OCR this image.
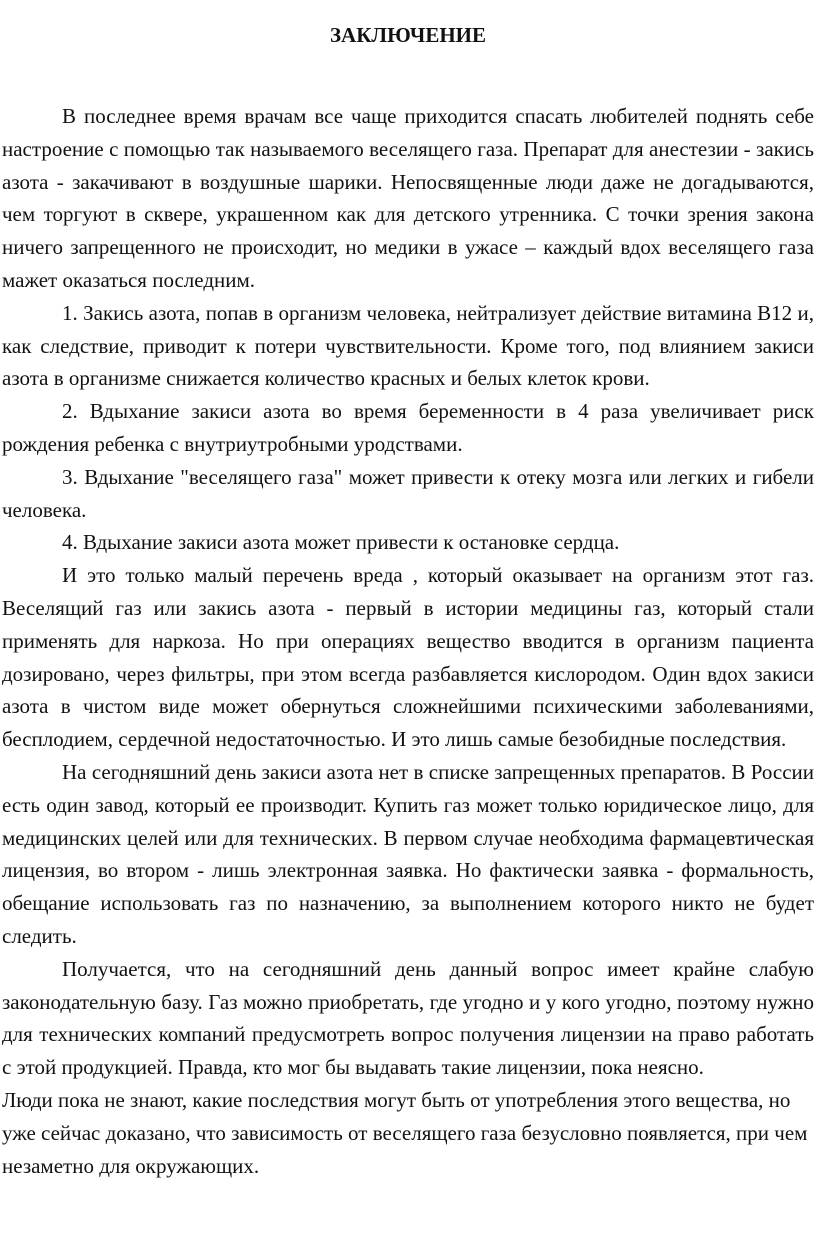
ЗАКЛЮЧЕНИЕ

В последнее время врачам все чаще приходится спасать любителей поднять себе настроение с помощью так называемого веселящего газа. Препарат для анестезии - закись азота - закачивают в воздушные шарики. Непосвященные люди даже не догадываются, чем торгуют в сквере, украшенном как для детского утренника. С точки зрения закона ничего запрещенного не происходит, но медики в ужасе – каждый вдох веселящего газа мажет оказаться последним.

1. Закись азота, попав в организм человека, нейтрализует действие витамина В12 и, как следствие, приводит к потери чувствительности. Кроме того, под влиянием закиси азота в организме снижается количество красных и белых клеток крови.

2. Вдыхание закиси азота во время беременности в 4 раза увеличивает риск рождения ребенка с внутриутробными уродствами.

3. Вдыхание "веселящего газа" может привести к отеку мозга или легких и гибели человека.

4. Вдыхание закиси азота может привести к остановке сердца.

И это только малый перечень вреда , который оказывает на организм этот газ. Веселящий газ или закись азота - первый в истории медицины газ, который стали применять для наркоза. Но при операциях вещество вводится в организм пациента дозировано, через фильтры, при этом всегда разбавляется кислородом. Один вдох закиси азота в чистом виде может обернуться сложнейшими психическими заболеваниями, бесплодием, сердечной недостаточностью. И это лишь самые безобидные последствия.

На сегодняшний день закиси азота нет в списке запрещенных препаратов. В России есть один завод, который ее производит. Купить газ может только юридическое лицо, для медицинских целей или для технических. В первом случае необходима фармацевтическая лицензия, во втором - лишь электронная заявка. Но фактически заявка - формальность, обещание использовать газ по назначению, за выполнением которого никто не будет следить.

Получается, что на сегодняшний день данный вопрос имеет крайне слабую законодательную базу. Газ можно приобретать, где угодно и у кого угодно, поэтому нужно для технических компаний предусмотреть вопрос получения лицензии на право работать с этой продукцией. Правда, кто мог бы выдавать такие лицензии, пока неясно.

Люди пока не знают, какие последствия могут быть от употребления этого вещества, но уже сейчас доказано, что зависимость от веселящего газа безусловно появляется, при чем незаметно для окружающих.
